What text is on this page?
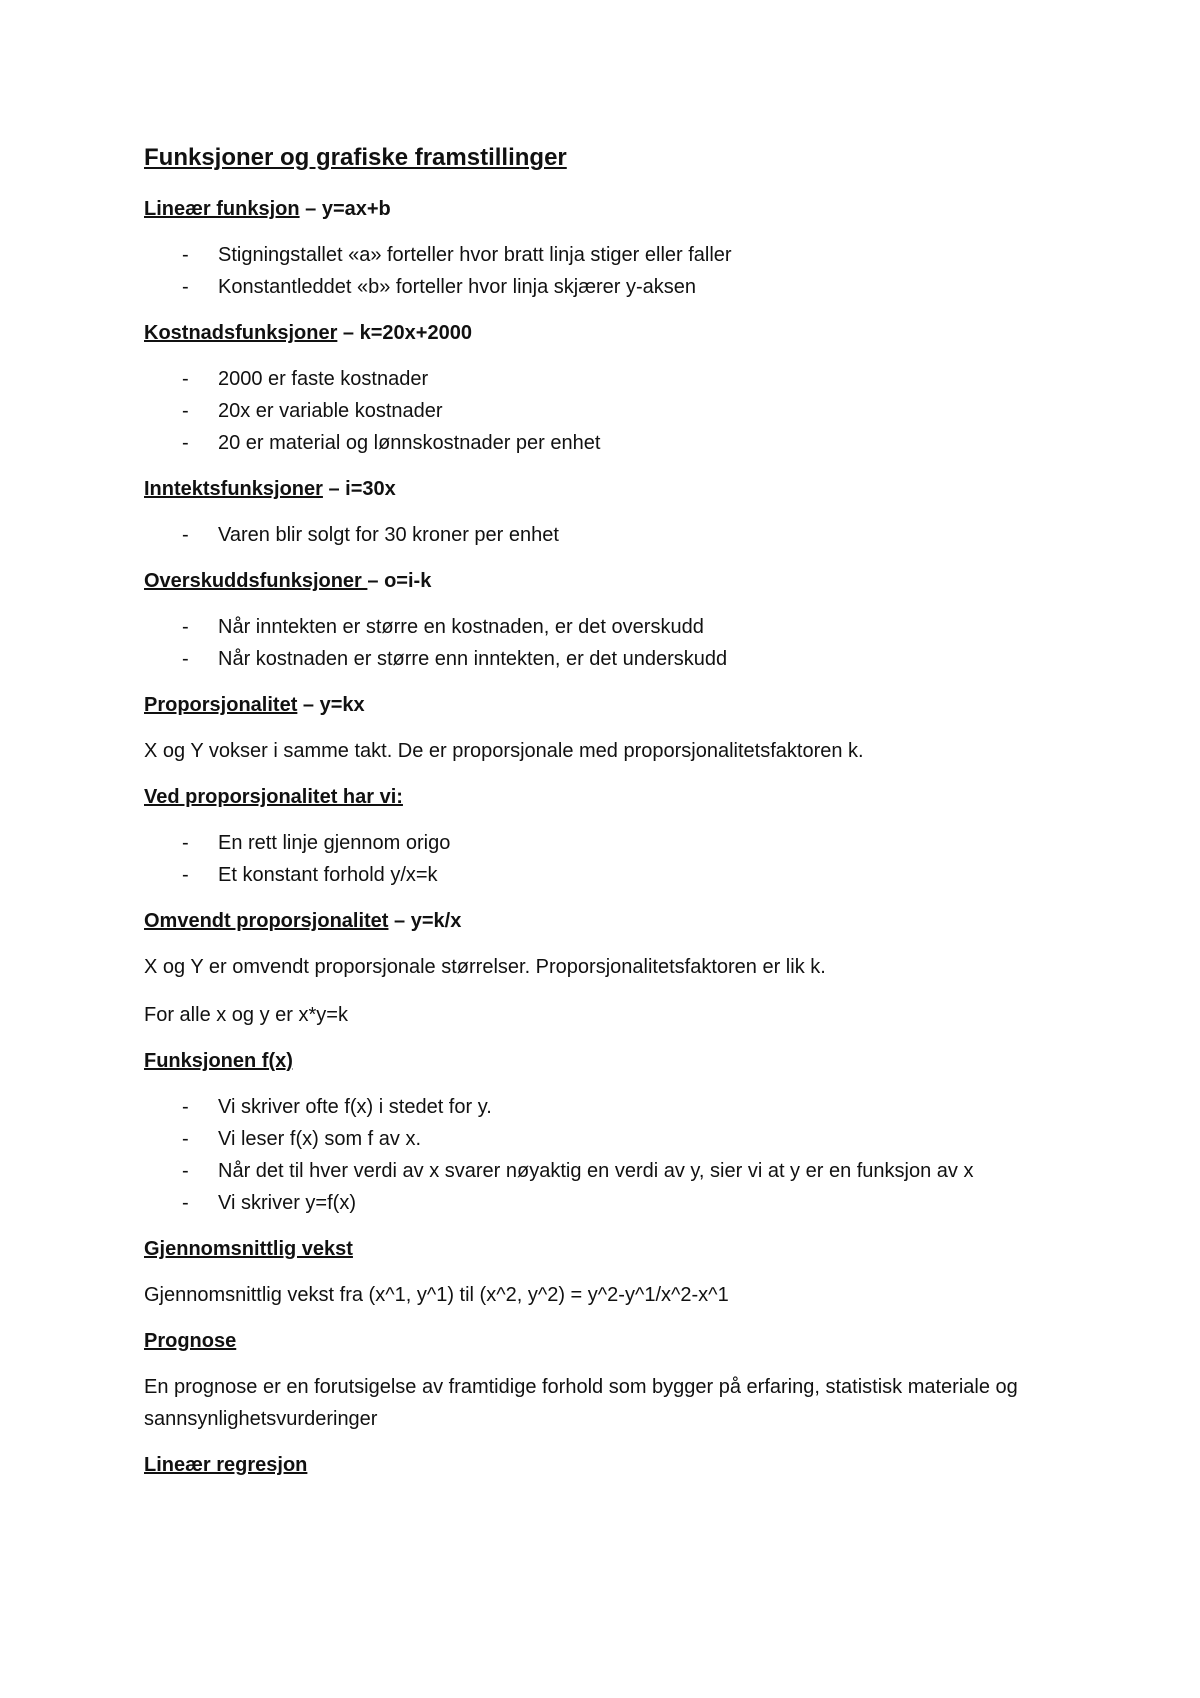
Funksjoner og grafiske framstillinger
Lineær funksjon – y=ax+b
- Stigningstallet «a» forteller hvor bratt linja stiger eller faller
- Konstantleddet «b» forteller hvor linja skjærer y-aksen
Kostnadsfunksjoner – k=20x+2000
- 2000 er faste kostnader
- 20x er variable kostnader
- 20 er material og lønnskostnader per enhet
Inntektsfunksjoner – i=30x
- Varen blir solgt for 30 kroner per enhet
Overskuddsfunksjoner – o=i-k
- Når inntekten er større en kostnaden, er det overskudd
- Når kostnaden er større enn inntekten, er det underskudd
Proporsjonalitet – y=kx

X og Y vokser i samme takt. De er proporsjonale med proporsjonalitetsfaktoren k.

Ved proporsjonalitet har vi:
- En rett linje gjennom origo
- Et konstant forhold y/x=k
Omvendt proporsjonalitet – y=k/x

X og Y er omvendt proporsjonale størrelser. Proporsjonalitetsfaktoren er lik k.

For alle x og y er x*y=k

Funksjonen f(x)
- Vi skriver ofte f(x) i stedet for y.
- Vi leser f(x) som f av x.
- Når det til hver verdi av x svarer nøyaktig en verdi av y, sier vi at y er en funksjon av x
- Vi skriver y=f(x)
Gjennomsnittlig vekst

Gjennomsnittlig vekst fra (x^1, y^1) til (x^2, y^2) = y^2-y^1/x^2-x^1

Prognose

En prognose er en forutsigelse av framtidige forhold som bygger på erfaring, statistisk materiale og sannsynlighetsvurderinger

Lineær regresjon
